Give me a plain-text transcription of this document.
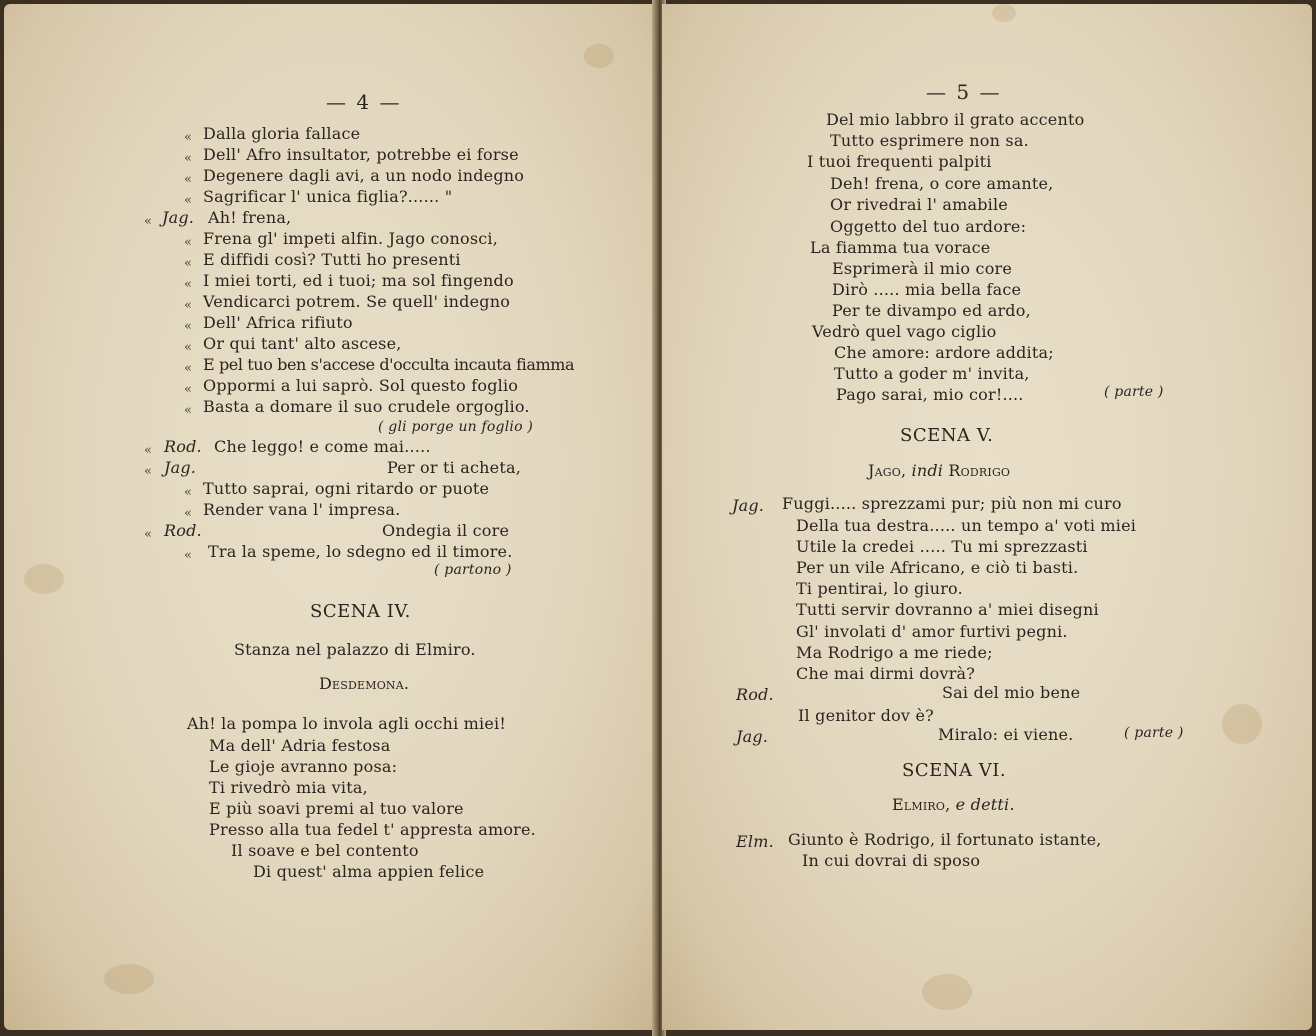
— 4 —
« Dalla gloria fallace
« Dell' Afro insultator, potrebbe ei forse
« Degenere dagli avi, a un nodo indegno
« Sagrificar l' unica figlia?...... "
« Jag. Ah! frena,
« Frena gl' impeti alfin. Jago conosci,
« E diffidi così? Tutti ho presenti
« I miei torti, ed i tuoi; ma sol fingendo
« Vendicarci potrem. Se quell' indegno
« Dell' Africa rifiuto
« Or qui tant' alto ascese,
« E pel tuo ben s'accese d'occulta incauta fiamma
« Oppormi a lui saprò. Sol questo foglio
« Basta a domare il suo crudele orgoglio.
( gli porge un foglio )
« Rod. Che leggo! e come mai.....
« Jag.	Per or ti acheta,
« Tutto saprai, ogni ritardo or puote
« Render vana l' impresa.
« Rod.	Ondegia il core
« Tra la speme, lo sdegno ed il timore.
( partono )
SCENA IV.
Stanza nel palazzo di Elmiro.
Desdemona.
Ah! la pompa lo invola agli occhi miei!
Ma dell' Adria festosa
Le gioje avranno posa:
Ti rivedrò mia vita,
E più soavi premi al tuo valore
Presso alla tua fedel t' appresta amore.
Il soave e bel contento
Di quest' alma appien felice
— 5 —
Del mio labbro il grato accento
Tutto esprimere non sa.
I tuoi frequenti palpiti
Deh! frena, o core amante,
Or rivedrai l' amabile
Oggetto del tuo ardore:
La fiamma tua vorace
Esprimerà il mio core
Dirò ..... mia bella face
Per te divampo ed ardo,
Vedrò quel vago ciglio
Che amore: ardore addita;
Tutto a goder m' invita,
Pago sarai, mio cor!....	( parte )
SCENA V.
Jago, indi Rodrigo
Jag. Fuggi..... sprezzami pur; più non mi curo
Della tua destra..... un tempo a' voti miei
Utile la credei ..... Tu mi sprezzasti
Per un vile Africano, e ciò ti basti.
Ti pentirai, lo giuro.
Tutti servir dovranno a' miei disegni
Gl' involati d' amor furtivi pegni.
Ma Rodrigo a me riede;
Che mai dirmi dovrà?
Rod.	Sai del mio bene
Il genitor dov è?
Jag.	Miralo: ei viene.	( parte )
SCENA VI.
Elmiro, e detti.
Elm. Giunto è Rodrigo, il fortunato istante,
In cui dovrai di sposo
